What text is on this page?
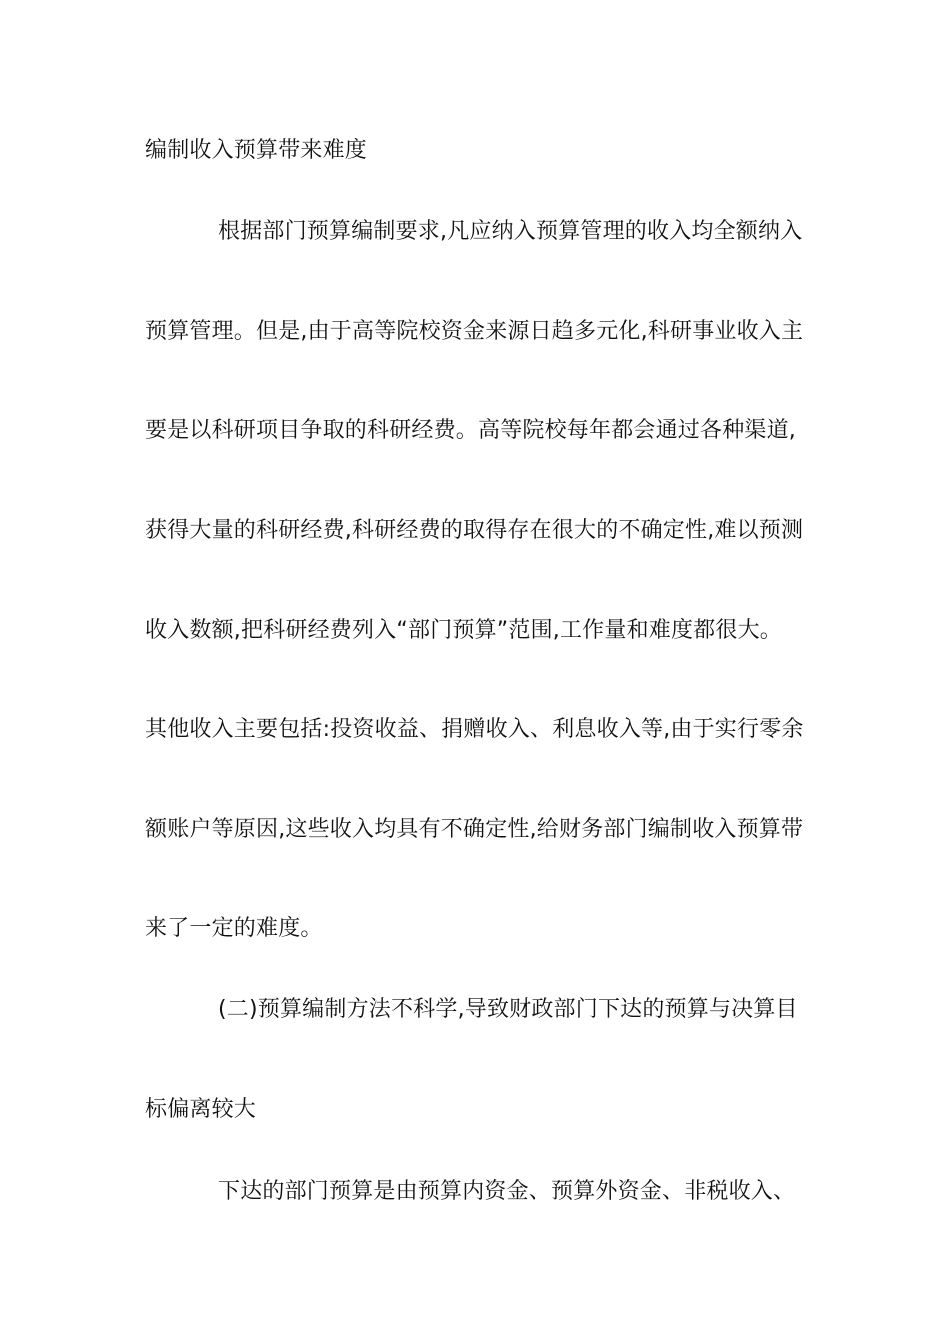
编制收入预算带来难度
根据部门预算编制要求,凡应纳入预算管理的收入均全额纳入
预算管理。但是,由于高等院校资金来源日趋多元化,科研事业收入主
要是以科研项目争取的科研经费。高等院校每年都会通过各种渠道,
获得大量的科研经费,科研经费的取得存在很大的不确定性,难以预测
收入数额,把科研经费列入“部门预算”范围,工作量和难度都很大。
其他收入主要包括:投资收益、捐赠收入、利息收入等,由于实行零余
额账户等原因,这些收入均具有不确定性,给财务部门编制收入预算带
来了一定的难度。
(二)预算编制方法不科学,导致财政部门下达的预算与决算目
标偏离较大
下达的部门预算是由预算内资金、预算外资金、非税收入、
